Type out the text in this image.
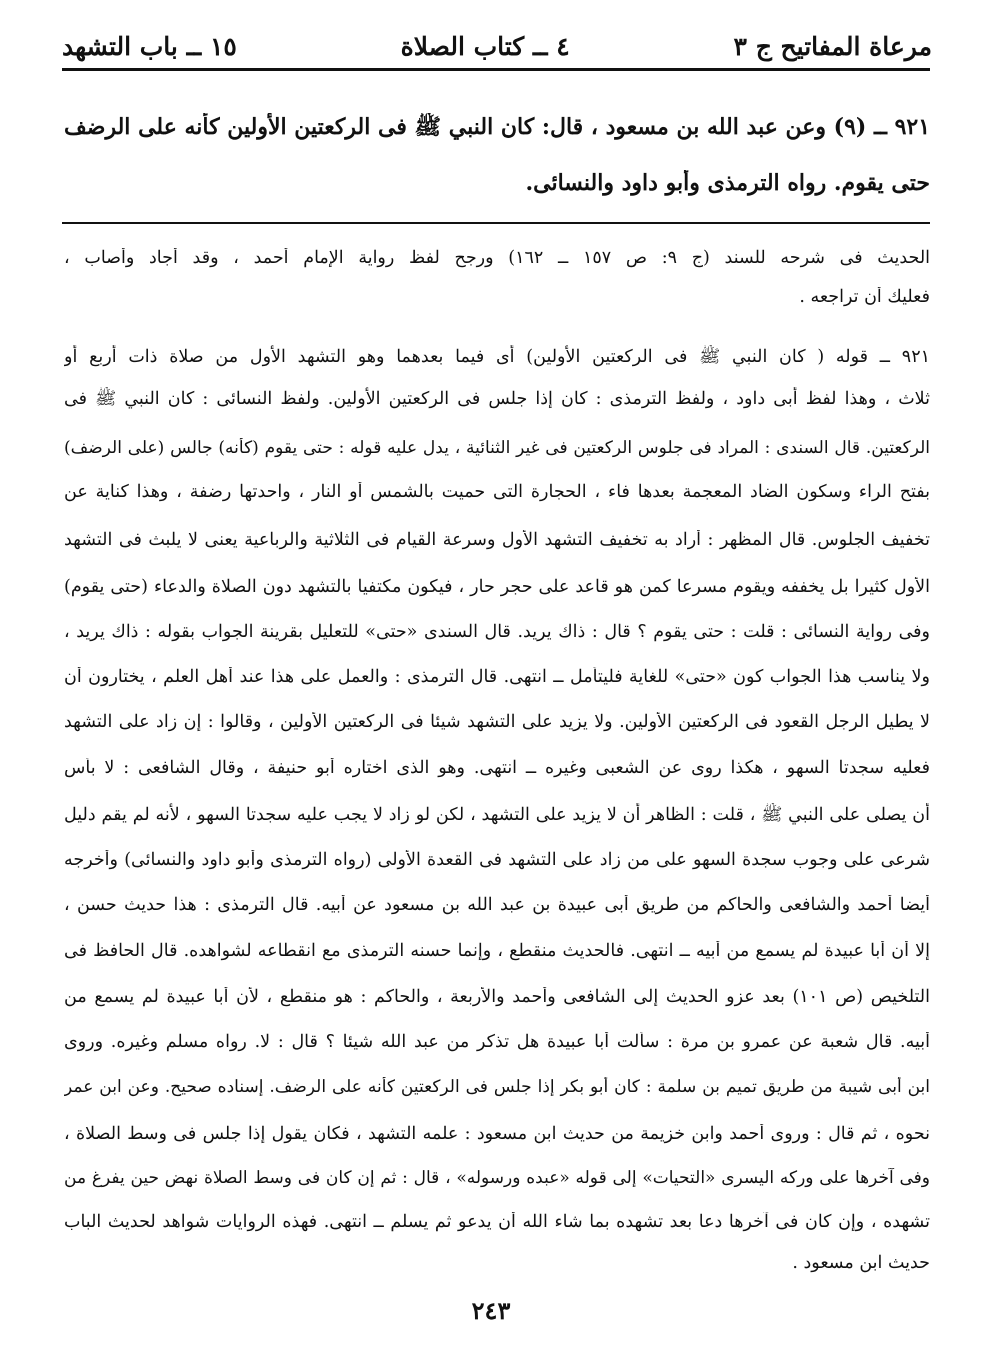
مرعاة المفاتيح ج ٣
٤ ــ كتاب الصلاة
١٥ ــ باب التشهد
٩٢١ ــ (٩) وعن عبد الله بن مسعود ، قال: كان النبي ﷺ فى الركعتين الأولين كأنه على الرضف
حتى يقوم. رواه الترمذى وأبو داود والنسائى.
الحديث فى شرحه للسند (ج ٩: ص ١٥٧ ــ ١٦٢) ورجح لفظ رواية الإمام أحمد ، وقد أجاد وأصاب ،
فعليك أن تراجعه .
٩٢١ ــ قوله ( كان النبي ﷺ فى الركعتين الأولين) أى فيما بعدهما وهو التشهد الأول من صلاة ذات أربع أو
ثلاث ، وهذا لفظ أبى داود ، ولفظ الترمذى : كان إذا جلس فى الركعتين الأولين. ولفظ النسائى : كان النبي ﷺ فى
الركعتين. قال السندى : المراد فى جلوس الركعتين فى غير الثنائية ، يدل عليه قوله : حتى يقوم (كأنه) جالس (على الرضف)
بفتح الراء وسكون الضاد المعجمة بعدها فاء ، الحجارة التى حميت بالشمس أو النار ، واحدتها رضفة ، وهذا كناية عن
تخفيف الجلوس. قال المظهر : أراد به تخفيف التشهد الأول وسرعة القيام فى الثلاثية والرباعية يعنى لا يلبث فى التشهد
الأول كثيرا بل يخففه ويقوم مسرعا كمن هو قاعد على حجر حار ، فيكون مكتفيا بالتشهد دون الصلاة والدعاء (حتى يقوم)
وفى رواية النسائى : قلت : حتى يقوم ؟ قال : ذاك يريد. قال السندى «حتى» للتعليل بقرينة الجواب بقوله : ذاك يريد ،
ولا يناسب هذا الجواب كون «حتى» للغاية فليتأمل ــ انتهى. قال الترمذى : والعمل على هذا عند أهل العلم ، يختارون أن
لا يطيل الرجل القعود فى الركعتين الأولين. ولا يزيد على التشهد شيئا فى الركعتين الأولين ، وقالوا : إن زاد على التشهد
فعليه سجدتا السهو ، هكذا روى عن الشعبى وغيره ــ انتهى. وهو الذى اختاره أبو حنيفة ، وقال الشافعى : لا بأس
أن يصلى على النبي ﷺ ، قلت : الظاهر أن لا يزيد على التشهد ، لكن لو زاد لا يجب عليه سجدتا السهو ، لأنه لم يقم دليل
شرعى على وجوب سجدة السهو على من زاد على التشهد فى القعدة الأولى (رواه الترمذى وأبو داود والنسائى) وأخرجه
أيضا أحمد والشافعى والحاكم من طريق أبى عبيدة بن عبد الله بن مسعود عن أبيه. قال الترمذى : هذا حديث حسن ،
إلا أن أبا عبيدة لم يسمع من أبيه ــ انتهى. فالحديث منقطع ، وإنما حسنه الترمذى مع انقطاعه لشواهده. قال الحافظ فى
التلخيص (ص ١٠١) بعد عزو الحديث إلى الشافعى وأحمد والأربعة ، والحاكم : هو منقطع ، لأن أبا عبيدة لم يسمع من
أبيه. قال شعبة عن عمرو بن مرة : سألت أبا عبيدة هل تذكر من عبد الله شيئا ؟ قال : لا. رواه مسلم وغيره. وروى
ابن أبى شيبة من طريق تميم بن سلمة : كان أبو بكر إذا جلس فى الركعتين كأنه على الرضف. إسناده صحيح. وعن ابن عمر
نحوه ، ثم قال : وروى أحمد وابن خزيمة من حديث ابن مسعود : علمه التشهد ، فكان يقول إذا جلس فى وسط الصلاة ،
وفى آخرها على وركه اليسرى «التحيات» إلى قوله «عبده ورسوله» ، قال : ثم إن كان فى وسط الصلاة نهض حين يفرغ من
تشهده ، وإن كان فى آخرها دعا بعد تشهده بما شاء الله أن يدعو ثم يسلم ــ انتهى. فهذه الروايات شواهد لحديث الباب
حديث ابن مسعود .
٢٤٣
